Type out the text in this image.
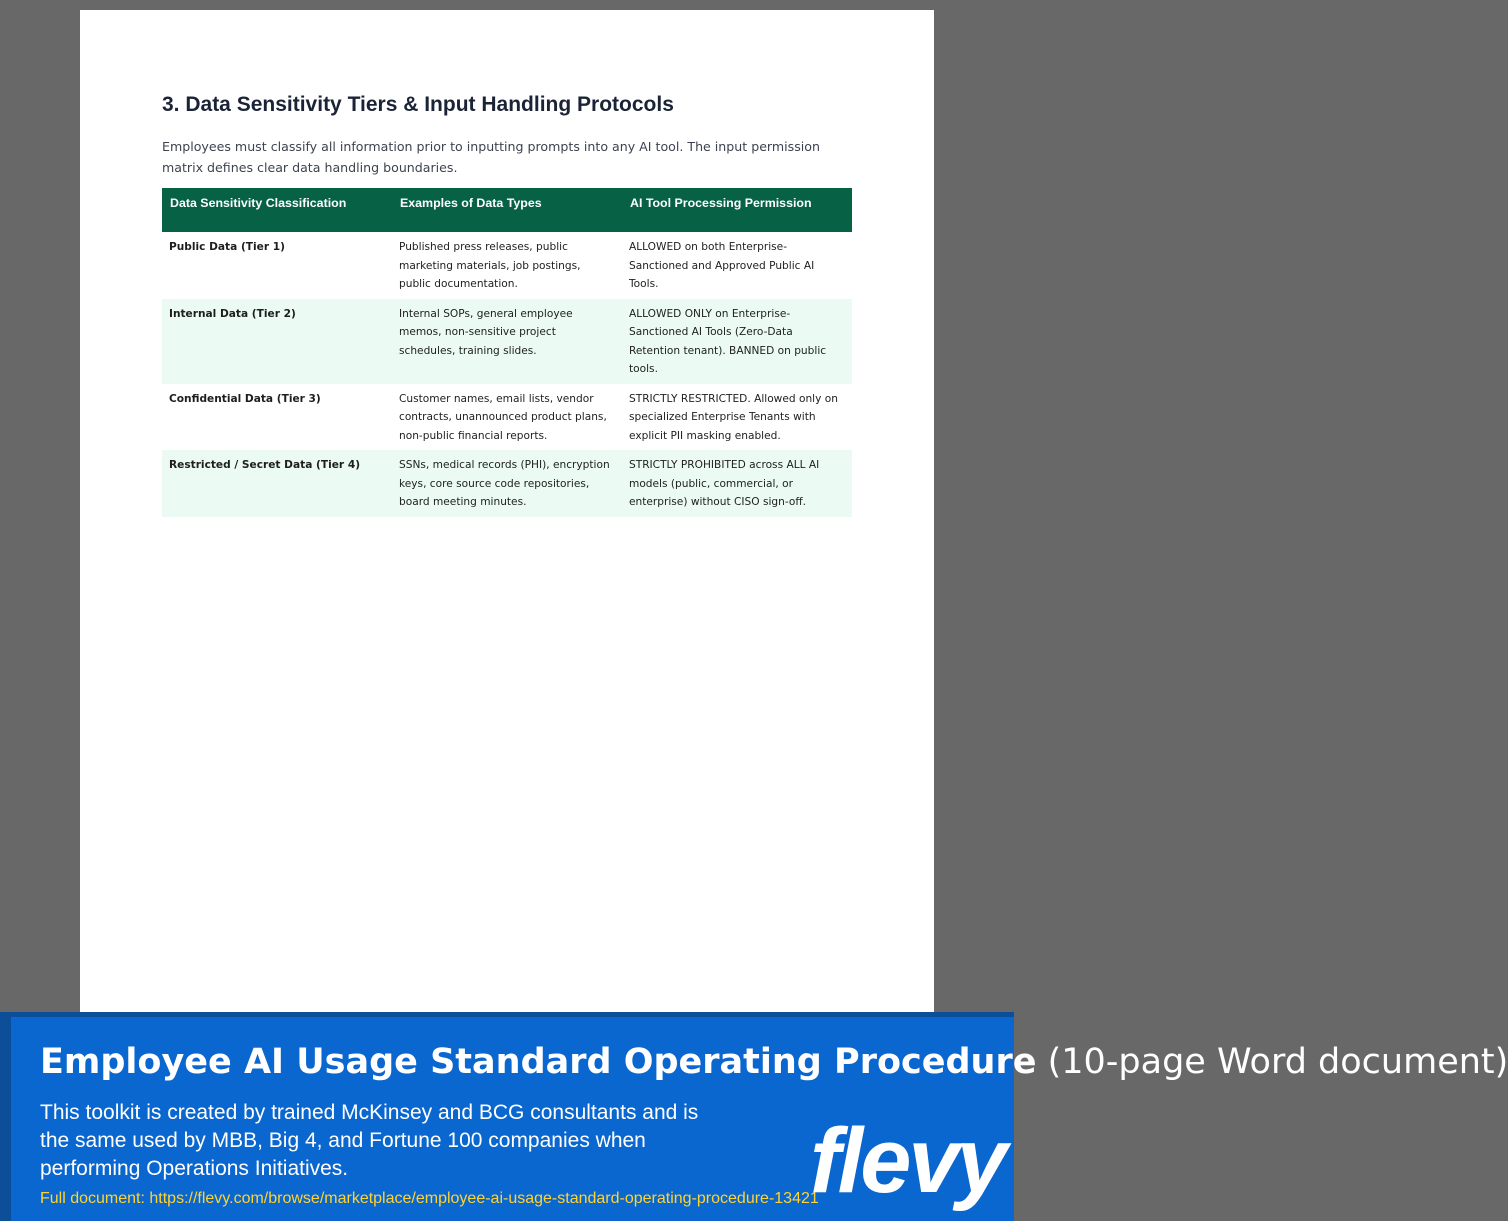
3. Data Sensitivity Tiers & Input Handling Protocols

Employees must classify all information prior to inputting prompts into any AI tool. The input permission matrix defines clear data handling boundaries.

Data Sensitivity Classification	Examples of Data Types	AI Tool Processing Permission
Public Data (Tier 1)	Published press releases, public marketing materials, job postings, public documentation.	ALLOWED on both Enterprise-Sanctioned and Approved Public AI Tools.
Internal Data (Tier 2)	Internal SOPs, general employee memos, non-sensitive project schedules, training slides.	ALLOWED ONLY on Enterprise-Sanctioned AI Tools (Zero-Data Retention tenant). BANNED on public tools.
Confidential Data (Tier 3)	Customer names, email lists, vendor contracts, unannounced product plans, non-public financial reports.	STRICTLY RESTRICTED. Allowed only on specialized Enterprise Tenants with explicit PII masking enabled.
Restricted / Secret Data (Tier 4)	SSNs, medical records (PHI), encryption keys, core source code repositories, board meeting minutes.	STRICTLY PROHIBITED across ALL AI models (public, commercial, or enterprise) without CISO sign-off.
Employee AI Usage Standard Operating Procedure (10-page Word document)
This toolkit is created by trained McKinsey and BCG consultants and is the same used by MBB, Big 4, and Fortune 100 companies when performing Operations Initiatives.
Full document: https://flevy.com/browse/marketplace/employee-ai-usage-standard-operating-procedure-13421
flevy
